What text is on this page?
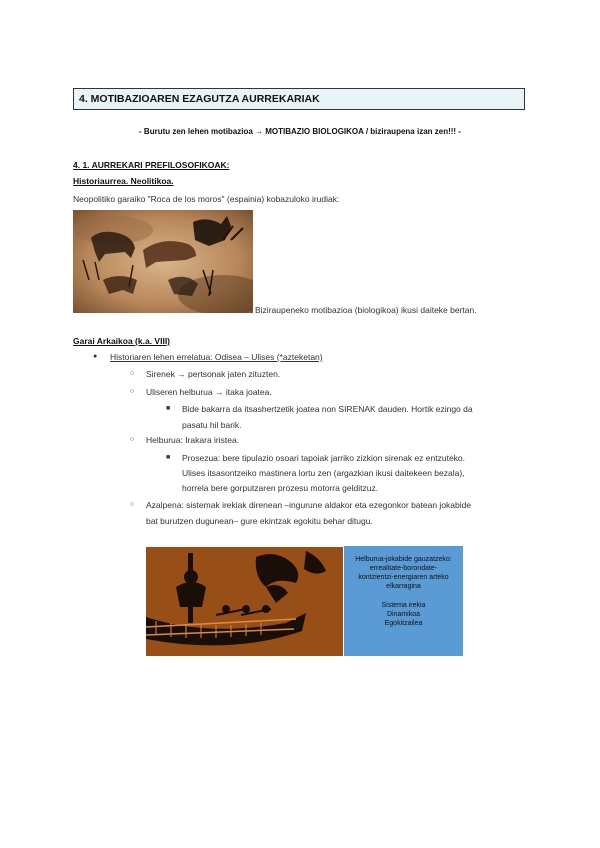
4. MOTIBAZIOAREN EZAGUTZA AURREKARIAK
- Burutu zen lehen motibazioa → MOTIBAZIO BIOLOGIKOA / biziraupena izan zen!!! -
4. 1. AURREKARI PREFILOSOFIKOAK:
Historiaurrea. Neolitikoa.
Neopolitiko garaiko "Roca de los moros" (espainia) kobazuloko irudiak:
Biziraupeneko motibazioa (biologikoa) ikusi daiteke bertan.
Garai Arkaikoa (k.a. VIII)
● Historiaren lehen errelatua: Odisea – Ulises (*azteketan)
○ Sirenek → pertsonak jaten zituzten.
○ Uliseren helburua → itaka joatea.
■ Bide bakarra da itsashertzetik joatea non SIRENAK dauden. Hortik ezingo da
pasatu hil barik.
○ Helburua: Irakara iristea.
■ Prosezua: bere tipulazio osoari tapoiak jarriko zizkion sirenak ez entzuteko.
Ulises itsasontzeiko mastinera lortu zen (argazkian ikusi daitekeen bezala),
horrela bere gorputzaren prozesu motorra gelditzuz.
○ Azalpena: sistemak irekiak direnean –ingurune aldakor eta ezegonkor batean jokabide
bat burutzen dugunean– gure ekintzak egokitu behar ditugu.
Helburua-jokabide gauzatzeko:
errealitate-borondate-
kontzientzi-energiaren arteko
elkarragina
Sistema irekia
Dinamikoa
Egokitzailea
